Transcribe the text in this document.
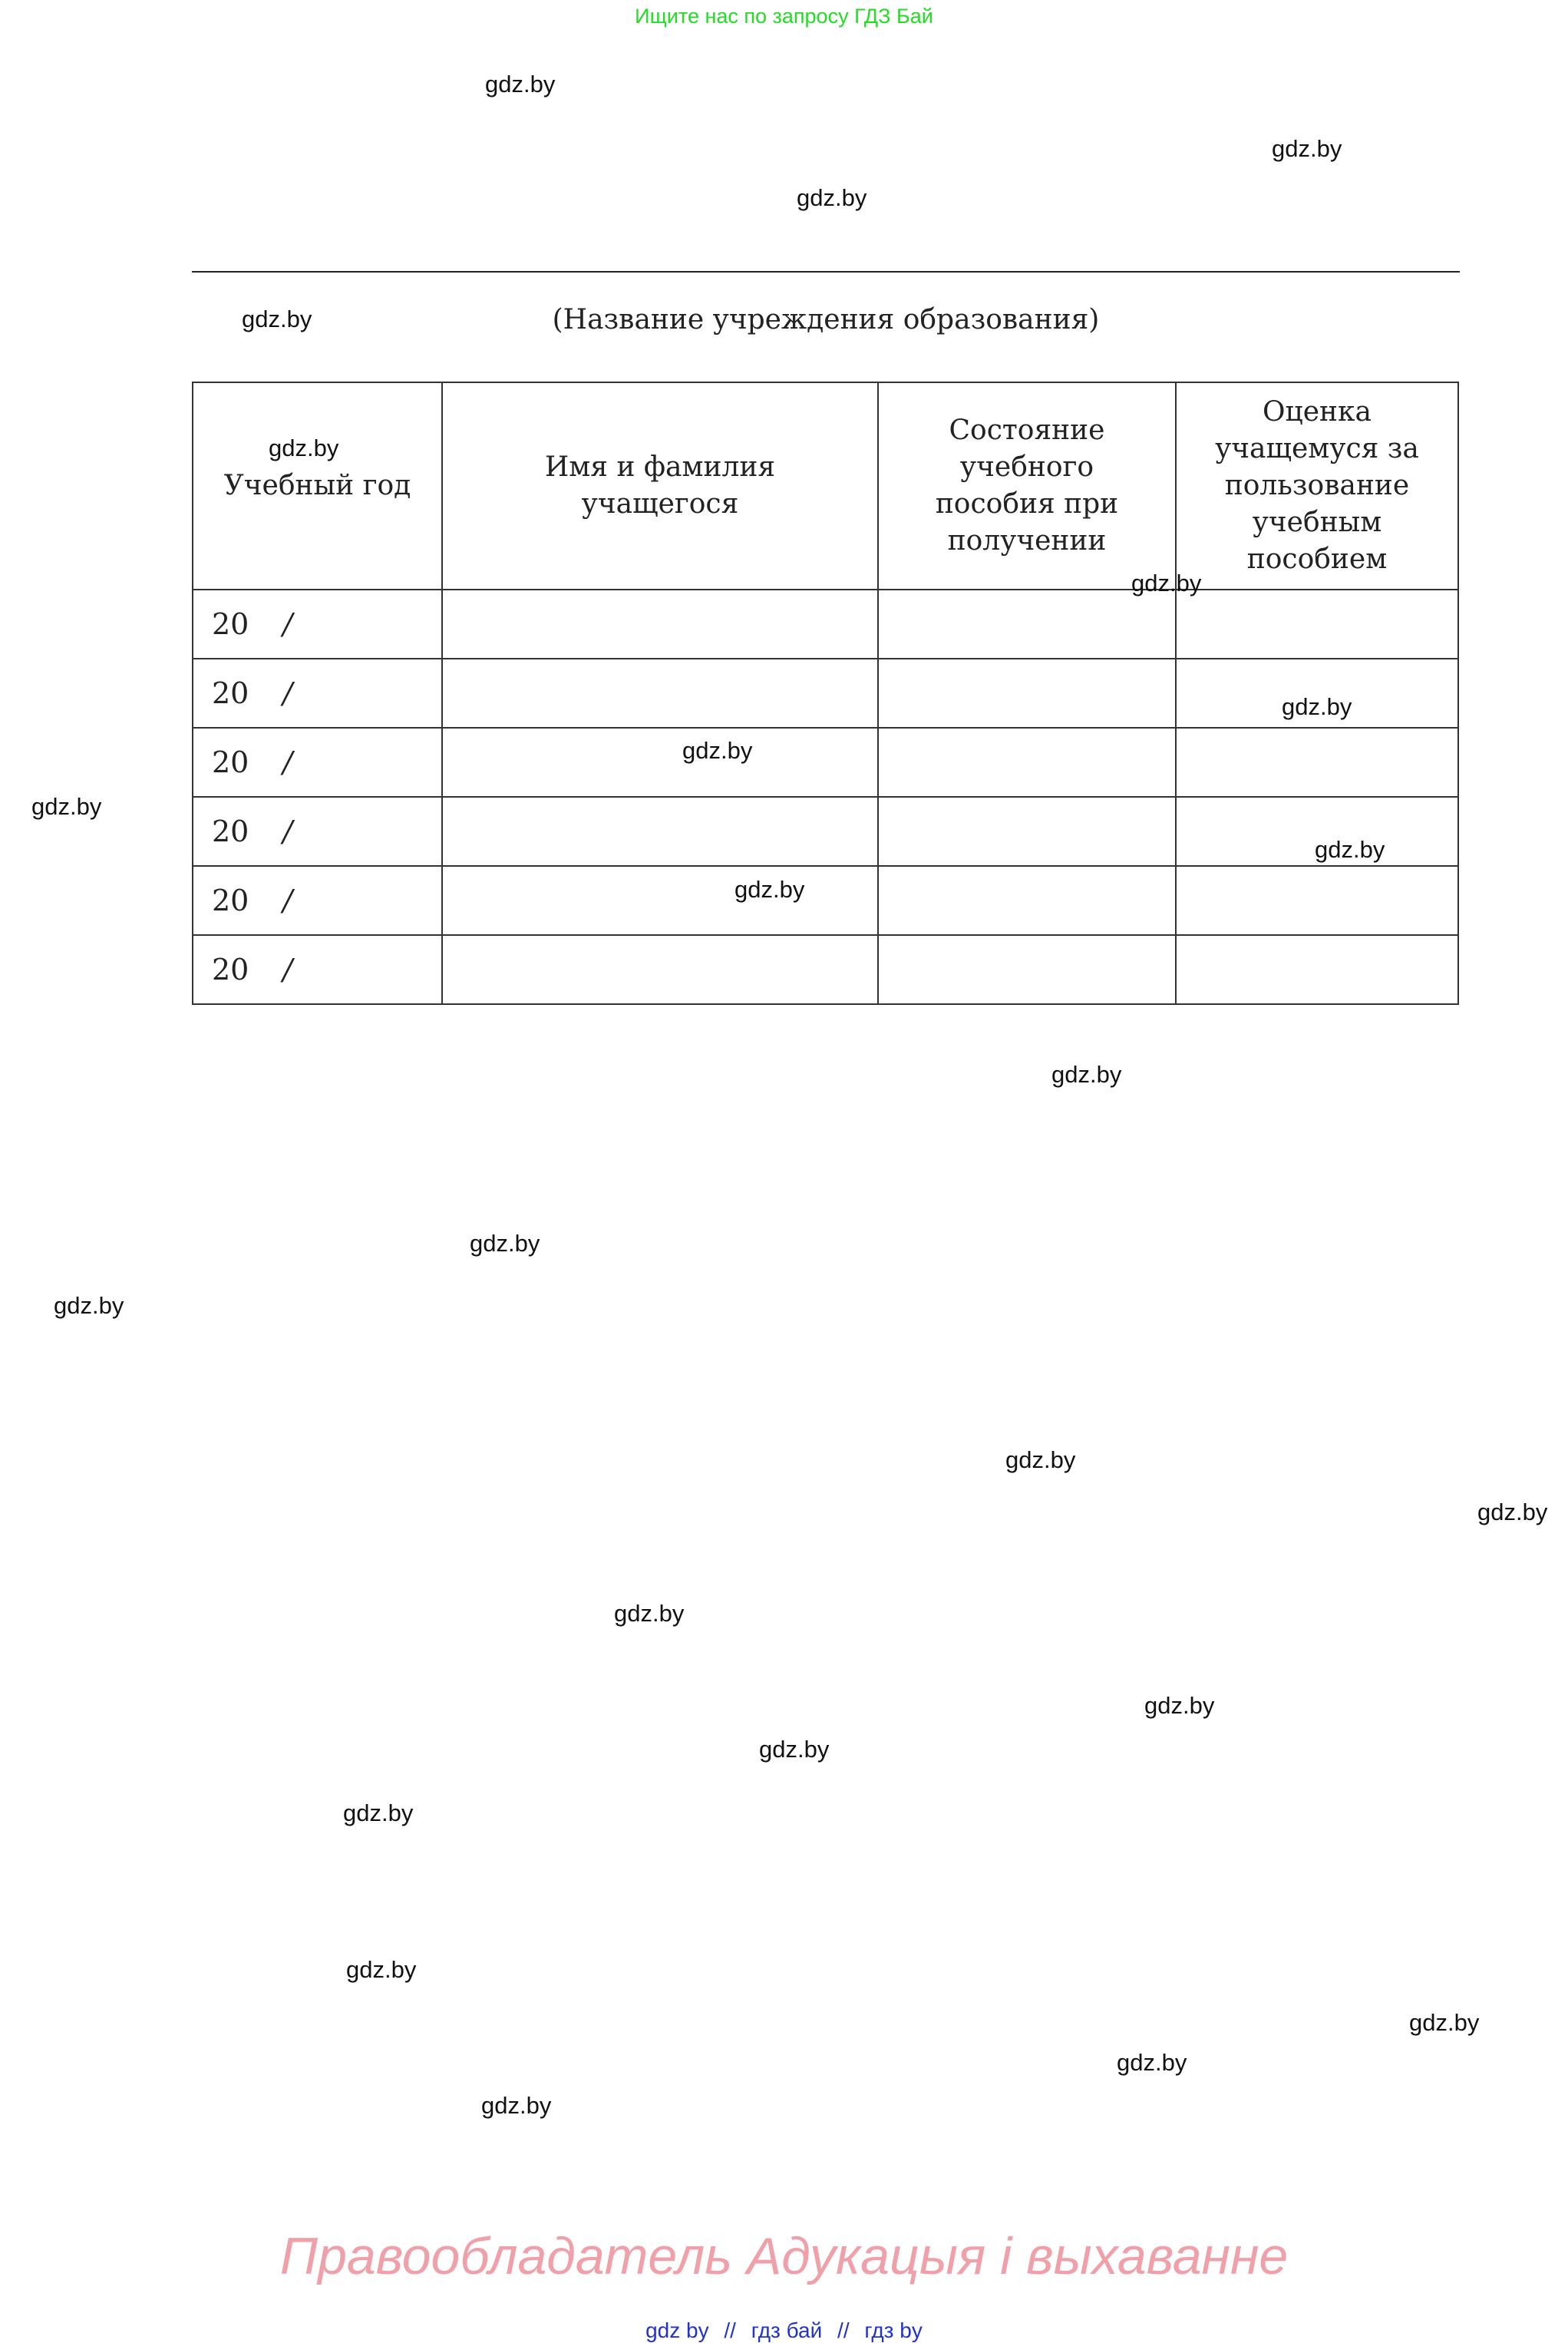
Ищите нас по запросу ГДЗ Бай
gdz.by
gdz.by
gdz.by
gdz.by	(Название учреждения образования)
Учебный год	Имя и фамилия учащегося	Состояние учебного пособия при получении	Оценка учащемуся за пользование учебным пособием

20 /			
20 /			
20 /			
20 /			
20 /			
20 /			
gdz.by
gdz.by
gdz.by
gdz.by
gdz.by
gdz.by
gdz.by
gdz.by
gdz.by
gdz.by
gdz.by
gdz.by
gdz.by
gdz.by
gdz.by
gdz.by
gdz.by
gdz.by
gdz.by
gdz.by
Правообладатель Адукацыя і выхаванне
gdz by // гдз бай // гдз by
